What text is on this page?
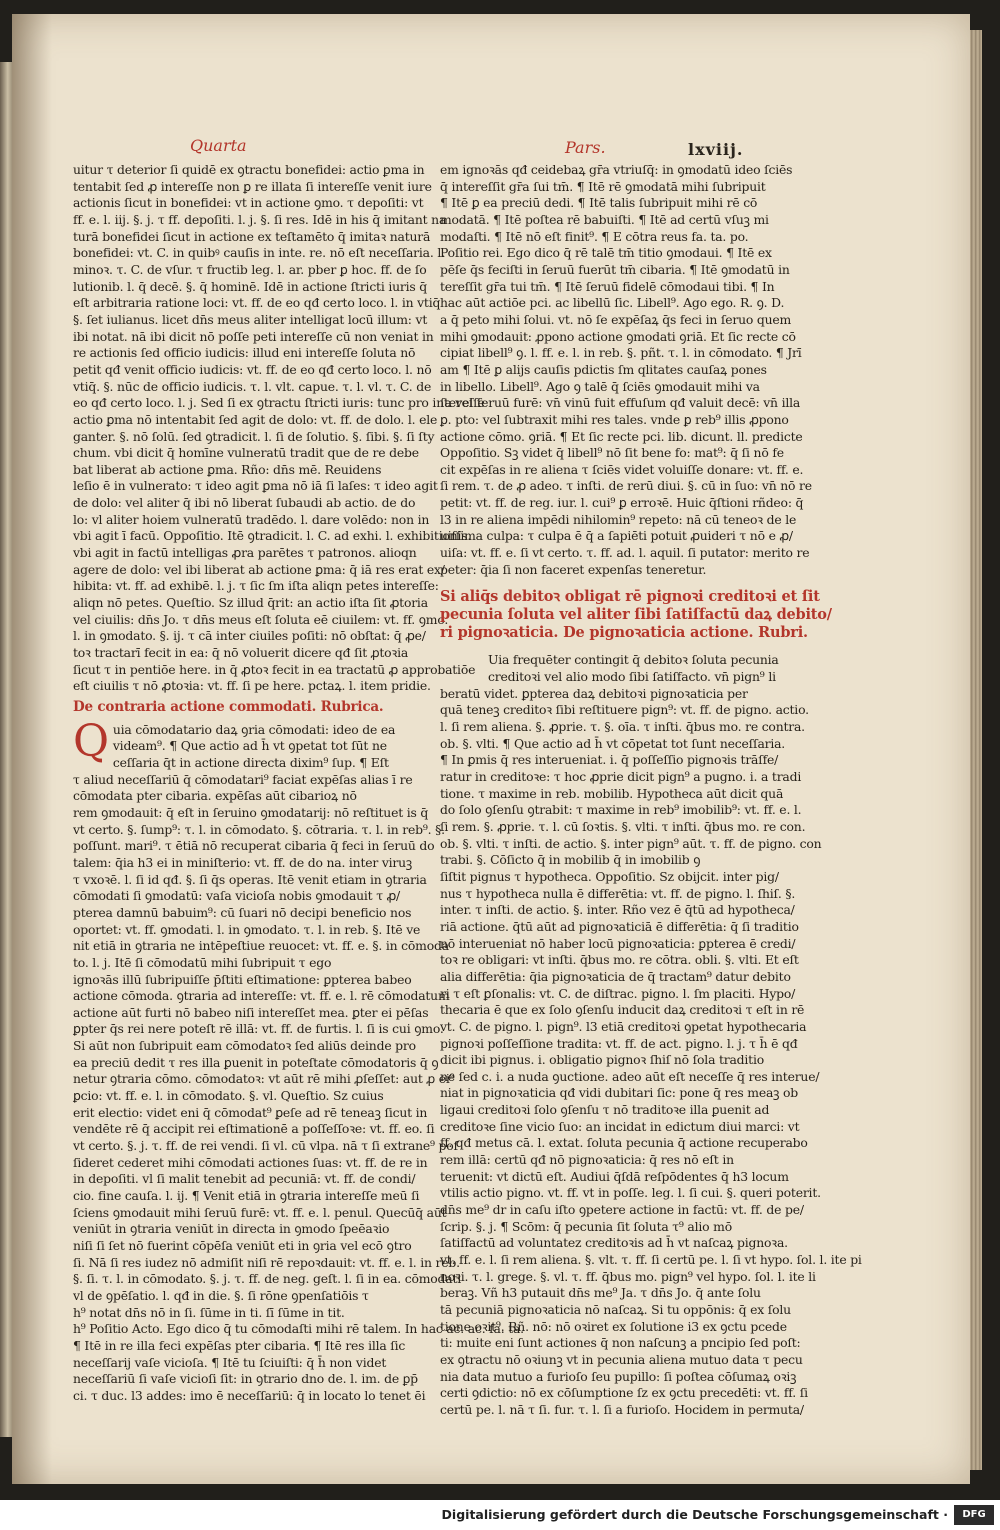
Quarta	Pars.	lxviij.

uitur τ deterior ſi quidē ex ꝯtractu bonefidei: actio ꝑma in

tentabit ſed ꝓ intereſſe non ꝑ re illata ſi intereſſe venit iure

actionis ſicut in bonefidei: vt in actione ꝯmo. τ depoſiti: vt

ff. e. l. iij. §. j. τ ff. depoſiti. l. j. §. ſi res. Idē in his q̄ imitant na

turā bonefidei ſicut in actione ex teſtamēto q̄ imitaꝛ naturā

bonefidei: vt. C. in quibꝰ cauſis in inte. re. nō eſt neceſſaria. l.

minoꝛ. τ. C. de vſur. τ fructib leg. l. ar. pber ꝑ hoc. ff. de ſo

lutionib. l. q̄ decē. §. q̄ hominē. Idē in actione ſtricti iuris q̄

eſt arbitraria ratione loci: vt. ff. de eo qđ certo loco. l. in vtiq̄

§. ſet iulianus. licet dn̄s meus aliter intelligat locū illum: vt

ibi notat. nā ibi dicit nō poſſe peti intereſſe cū non veniat in

re actionis ſed officio iudicis: illud eni intereſſe ſoluta nō

petit qđ venit officio iudicis: vt. ff. de eo qđ certo loco. l. nō

vtiq̄. §. nūc de officio iudicis. τ. l. vlt. capue. τ. l. vl. τ. C. de

eo qđ certo loco. l. j. Sed ſi ex ꝯtractu ſtricti iuris: tunc pro intereſſe

actio ꝑma nō intentabit ſed agit de dolo: vt. ff. de dolo. l. ele

ganter. §. nō ſolū. ſed ꝯtradicit. l. ſi de ſolutio. §. ſibi. §. ſi ſty

chum. vbi dicit q̄ homīne vulneratū tradit que de re debe

bat liberat ab actione ꝑma. Rño: dn̄s mē. Reuidens

leſio ē in vulnerato: τ ideo agit ꝑma nō iā ſi laſes: τ ideo agit

de dolo: vel aliter q̄ ibi nō liberat ſubaudi ab actio. de do

lo: vl aliter hoiem vulneratū tradēdo. l. dare volēdo: non in

vbi agit ī facū. Oppoſitio. Itē ꝯtradicit. l. C. ad exhi. l. exhibitionis.

vbi agit in factū intelligas ꝓra parētes τ patronos. alioqn

agere de dolo: vel ibi liberat ab actione ꝑma: q̄ iā res erat ex/

hibita: vt. ff. ad exhibē. l. j. τ ſic ſm iſta aliqn petes intereſſe:

aliqn nō petes. Queſtio. Sz illud q̄rit: an actio iſta ſit ꝓtoria

vel ciuilis: dn̄s Jo. τ dn̄s meus eſt ſoluta eē ciuilem: vt. ff. ꝯmo.

l. in ꝯmodato. §. ij. τ cā inter ciuiles poſiti: nō obſtat: q̄ ꝓe/

toꝛ tractarī fecit in ea: q̄ nō voluerit dicere qđ ſit ꝓtoꝛia

ſicut τ in pentiōe here. in q̄ ꝓtoꝛ fecit in ea tractatū ꝓ approbatiōe

eſt ciuilis τ nō ꝓtoꝛia: vt. ff. ſi pe here. pctaꝝ. l. item pridie.

De contraria actione commodati. Rubrica.

Q uia cōmodatario daꝝ ꝯria cōmodati: ideo de ea

videam⁹. ¶ Que actio ad h̄ vt ꝯpetat tot ſūt ne

ceſſaria q̄t in actione directa dixim⁹ ſup. ¶ Eſt

τ aliud neceſſariū q̄ cōmodatari⁹ faciat expēſas alias ī re

cōmodata pter cibaria. expēſas aūt cibarioꝝ nō

rem ꝯmodauit: q̄ eſt in ſeruino ꝯmodatarij: nō reſtituet is q̄

vt certo. §. ſump⁹: τ. l. in cōmodato. §. cōtraria. τ. l. in reb⁹. §.

poſſunt. mari⁹. τ ētiā nō recuperat cibaria q̄ feci in ſeruū do

talem: q̄ia h3 ei in miniſterio: vt. ff. de do na. inter viruꝫ

τ vxoꝛē. l. ſi id qđ. §. ſi q̄s operas. Itē venit etiam in ꝯtraria

cōmodati ſi ꝯmodatū: vaſa vicioſa nobis ꝯmodauit τ ꝓ/

pterea damnū babuim⁹: cū ſuari nō decipi beneficio nos

oportet: vt. ff. ꝯmodati. l. in ꝯmodato. τ. l. in reb. §. Itē ve

nit etiā in ꝯtraria ne intēpeſtiue reuocet: vt. ff. e. §. in cōmoda

to. l. j. Itē ſi cōmodatū mihi ſubripuit τ ego

ignoꝛās illū ſubripuiſſe p̄ſtiti eſtimatione: ꝑpterea babeo

actione cōmoda. ꝯtraria ad intereſſe: vt. ff. e. l. rē cōmodatum

actione aūt furti nō babeo niſi intereſſet mea. ꝑter ei pēſas

ꝑpter q̄s rei nere poteſt rē illā: vt. ff. de furtis. l. ſi is cui ꝯmo.

Si aūt non ſubripuit eam cōmodatoꝛ ſed aliūs deinde pro

ea preciū dedit τ res illa ꝑuenit in poteſtate cōmodatoris q̄ ꝯ

netur ꝯtraria cōmo. cōmodatoꝛ: vt aūt rē mihi ꝓſeſſet: aut ꝓ ei⁹

ꝑcio: vt. ff. e. l. in cōmodato. §. vl. Queſtio. Sz cuius

erit electio: videt eni q̄ cōmodat⁹ ꝑeſe ad rē teneaꝫ ſicut in

vendēte rē q̄ accipit rei eſtimationē a poſſeſſoꝛe: vt. ff. eo. ſi

vt certo. §. j. τ. ff. de rei vendi. ſi vl. cū vlpa. nā τ ſi extrane⁹ poſ

ſideret cederet mihi cōmodati actiones ſuas: vt. ff. de re in

in depoſiti. vl ſi malit tenebit ad pecuniā: vt. ff. de condi/

cio. fine cauſa. l. ij. ¶ Venit etiā in ꝯtraria intereſſe meū ſi

ſciens ꝯmodauit mihi ſeruū furē: vt. ff. e. l. penul. Quecūq̄ aūt

veniūt in ꝯtraria veniūt in directa in ꝯmodo ſpeēaꝛio

niſi ſi ſet nō fuerint cōpēſa veniūt eti in ꝯria vel ecō ꝯtro

ſi. Nā ſi res iudez nō admiſit niſi rē repoꝛdauit: vt. ff. e. l. in reb.

§. ſi. τ. l. in cōmodato. §. j. τ. ff. de neg. geſt. l. ſi in ea. cōmodati

vl de ꝯpēſatio. l. qđ in die. §. ſi rōne ꝯpenſatiōis τ

h⁹ notat dn̄s nō in ſi. ſūme in ti. ſī ſūme in tit.

h⁹ Poſitio Acto. Ego dico q̄ tu cōmodaſti mihi rē talem. In hac ac. ac. fa. ta.

¶ Itē in re illa feci expēſas pter cibaria. ¶ Itē res illa ſic

neceſſarij vaſe vicioſa. ¶ Itē tu ſciuiſti: q̄ h̄ non videt

neceſſariū ſi vaſe vicioſi ſit: in ꝯtrario dno de. l. im. de ꝑp̄

ci. τ duc. l3 addes: imo ē neceſſariū: q̄ in locato lo tenet ēi

em ignoꝛās qđ ceidebaꝝ gr̄a vtriuſq̄: in ꝯmodatū ideo ſciēs

q̄ intereſſit gr̄a ſui tm̄. ¶ Itē rē ꝯmodatā mihi ſubripuit

¶ Itē ꝑ ea preciū dedi. ¶ Itē talis ſubripuit mihi rē cō

modatā. ¶ Itē poſtea rē babuiſti. ¶ Itē ad certū vſuꝫ mi

modaſti. ¶ Itē nō eſt finit⁹. ¶ E cōtra reus fa. ta. po.

Poſitio rei. Ego dico q̄ rē talē tm̄ titio ꝯmodaui. ¶ Itē ex

pēſe q̄s feciſti in ſeruū fuerūt tm̄ cibaria. ¶ Itē ꝯmodatū in

tereſſit gr̄a tui tm̄. ¶ Itē ſeruū fidelē cōmodaui tibi. ¶ In

hac aūt actiōe pci. ac libellū ſic. Libell⁹. Ago ego. R. ꝯ. D.

a q̄ peto mihi ſolui. vt. nō ſe expēſaꝝ q̄s feci in ſeruo quem

mihi ꝯmodauit: ꝓpono actione ꝯmodati ꝯriā. Et ſic recte cō

cipiat libell⁹ ꝯ. l. ff. e. l. in reb. §. pñt. τ. l. in cōmodato. ¶ Jrī

am ¶ Itē ꝑ alijs cauſis pdictis ſm qlitates cauſaꝝ pones

in libello. Libell⁹. Ago ꝯ talē q̄ ſciēs ꝯmodauit mihi va

ſa vel ſeruū furē: vn̄ vinū fuit effuſum qđ valuit decē: vn̄ illa

ꝑ. pto: vel ſubtraxit mihi res tales. vnde ꝑ reb⁹ illis ꝓpono

actione cōmo. ꝯriā. ¶ Et ſic recte pci. lib. dicunt. ll. predicte

Oppoſitio. Sꝫ videt q̄ libell⁹ nō ſit bene fo: mat⁹: q̄ ſi nō fe

cit expēſas in re aliena τ ſciēs videt voluiſſe donare: vt. ff. e.

ſi rem. τ. de ꝓ adeo. τ inſti. de rerū diui. §. cū in ſuo: vn̄ nō re

petit: vt. ff. de reg. iur. l. cui⁹ ꝑ erroꝛē. Huic q̄ſtioni rñdeo: q̄

l3 in re aliena impēdi nihilomin⁹ repeto: nā cū teneoꝛ de le

uiſſima culpa: τ culpa ē q̄ a ſapiēti potuit ꝓuideri τ nō e ꝓ/

uiſa: vt. ff. e. ſi vt certo. τ. ff. ad. l. aquil. ſi putator: merito re

peter: q̄ia ſi non faceret expenſas teneretur.

Si aliq̄s debitoꝛ obligat rē pignoꝛi creditoꝛi et ſit

pecunia ſoluta vel aliter ſibi ſatiſfactū daꝝ debito/

ri pignoꝛaticia. De pignoꝛaticia actione. Rubri.

Uia frequēter contingit q̄ debitoꝛ ſoluta pecunia

creditoꝛi vel alio modo ſibi ſatiſfacto. vn̄ pign⁹ li

beratū videt. ꝑpterea daꝝ debitoꝛi pignoꝛaticia per

quā teneꝫ creditoꝛ ſibi reſtituere pign⁹: vt. ff. de pigno. actio.

l. ſi rem aliena. §. ꝓprie. τ. §. oīa. τ inſti. q̄bus mo. re contra.

ob. §. vlti. ¶ Que actio ad h̄ vt cōpetat tot ſunt neceſſaria.

¶ In ꝑmis q̄ res interueniat. i. q̄ poſſeſſio pignoꝛis trāſfe/

ratur in creditoꝛe: τ hoc ꝓprie dicit pign⁹ a pugno. i. a tradi

tione. τ maxime in reb. mobilib. Hypotheca aūt dicit quā

do ſolo ꝯſenſu ꝯtrabit: τ maxime in reb⁹ imobilib⁹: vt. ff. e. l.

ſi rem. §. ꝓprie. τ. l. cū ſoꝛtis. §. vlti. τ inſti. q̄bus mo. re con.

ob. §. vlti. τ inſti. de actio. §. inter pign⁹ aūt. τ. ff. de pigno. con

trabi. §. Cōſicto q̄ in mobilib q̄ in imobilib ꝯ

ſiſtit pignus τ hypotheca. Oppoſitio. Sz obijcit. inter pig/

nus τ hypotheca nulla ē differētia: vt. ff. de pigno. l. ſhiſ. §.

inter. τ inſti. de actio. §. inter. Rño vez ē q̄tū ad hypotheca/

riā actione. q̄tū aūt ad pignoꝛaticiā ē differētia: q̄ ſi traditio

nō interueniat nō haber locū pignoꝛaticia: ꝑpterea ē credi/

toꝛ re obligari: vt inſti. q̄bus mo. re cōtra. obli. §. vlti. Et eſt

alia differētia: q̄ia pignoꝛaticia de q̄ tractam⁹ datur debito

ri τ eſt ꝑſonalis: vt. C. de diſtrac. pigno. l. ſm placiti. Hypo/

thecaria ē que ex ſolo ꝯſenſu inducit daꝝ creditoꝛi τ eſt in rē

vt. C. de pigno. l. pign⁹. l3 etiā creditoꝛi ꝯpetat hypothecaria

pignoꝛi poſſeſſione tradita: vt. ff. de act. pigno. l. j. τ h̄ ē qđ

dicit ibi pignus. i. obligatio pignoꝛ ſhiſ nō ſola traditio

ne ſed c. i. a nuda ꝯuctione. adeo aūt eſt neceſſe q̄ res interue/

niat in pignoꝛaticia qđ vidi dubitari ſic: pone q̄ res meaꝫ ob

ligaui creditoꝛi ſolo ꝯſenſu τ nō traditoꝛe illa ꝑuenit ad

creditoꝛe ſine vicio ſuo: an incidat in edictum diui marci: vt

ff. qđ metus cā. l. extat. ſoluta pecunia q̄ actione recuperabo

rem illā: certū qđ nō pignoꝛaticia: q̄ res nō eſt in

teruenit: vt dictū eſt. Audiui q̄ſdā reſpōdentes q̄ h3 locum

vtilis actio pigno. vt. ff. vt in poſſe. leg. l. ſi cui. §. queri poterit.

dn̄s me⁹ dr in caſu iſto ꝯpetere actione in factū: vt. ff. de pe/

ſcrip. §. j. ¶ Scōm: q̄ pecunia ſit ſoluta τ⁹ alio mō

ſatiſfactū ad voluntatez creditoꝛis ad h̄ vt naſcaꝝ pignoꝛa.

vt. ff. e. l. ſi rem aliena. §. vlt. τ. ff. ſi certū pe. l. ſi vt hypo. ſol. l. ite pi

noꝛi. τ. l. grege. §. vl. τ. ff. q̄bus mo. pign⁹ vel hypo. ſol. l. ite li

beraꝫ. Vñ h3 putauit dn̄s me⁹ Ja. τ dn̄s Jo. q̄ ante ſolu

tā pecuniā pignoꝛaticia nō naſcaꝝ. Si tu oppōnis: q̄ ex ſolu

tione oꝛit⁹. Rñ. nō: nō oꝛiret ex ſolutione i3 ex ꝯctu pcede

ti: muite eni ſunt actiones q̄ non naſcunꝫ a pncipio ſed poſt:

ex ꝯtractu nō oꝛiunꝫ vt in pecunia aliena mutuo data τ pecu

nia data mutuo a furioſo ſeu pupillo: ſi poſtea cōſumaꝝ oꝛiꝫ

certi ꝯdictio: nō ex cōſumptione ſz ex ꝯctu precedēti: vt. ff. ſi

certū pe. l. nā τ ſi. fur. τ. l. ſi a furioſo. Hocidem in permuta/

Digitalisierung gefördert durch die Deutsche Forschungsgemeinschaft ·	DFG
